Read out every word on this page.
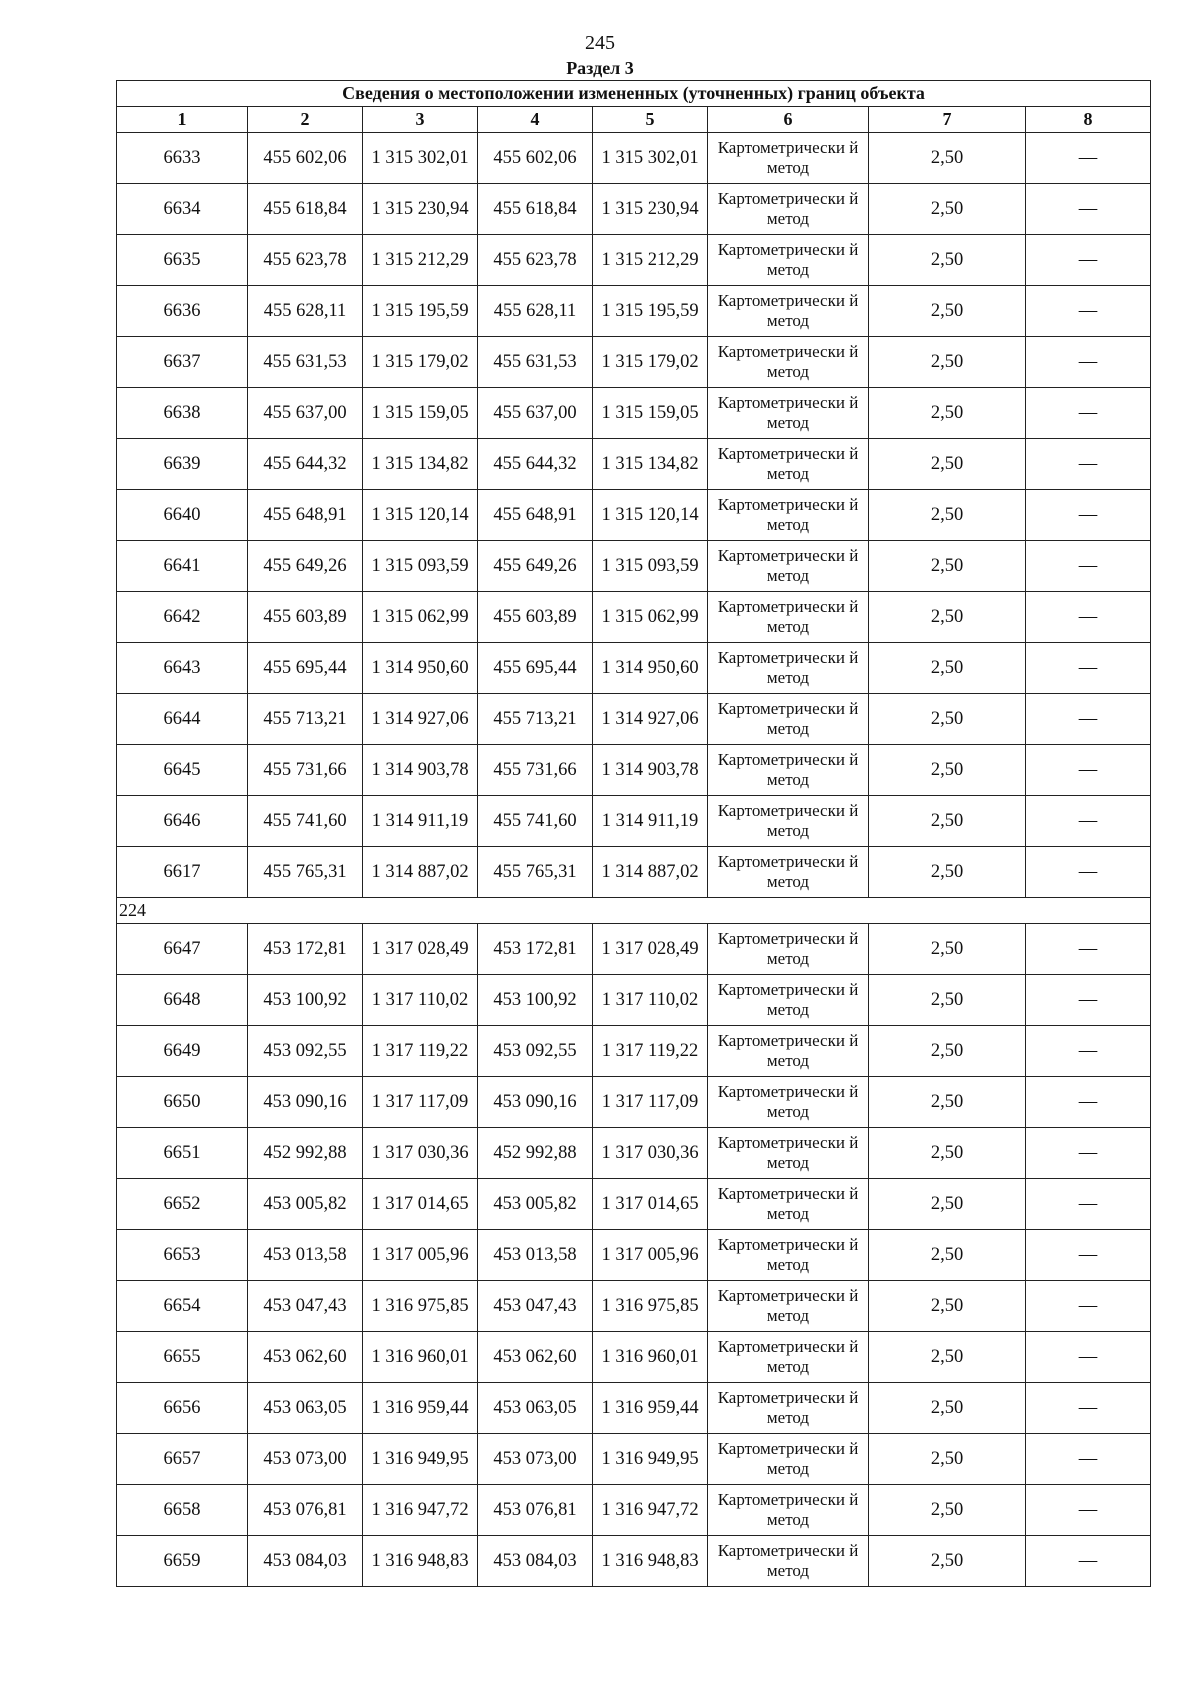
245
Раздел 3
Сведения о местоположении измененных (уточненных) границ объекта							
1	2	3	4	5	6	7	8
6633	455 602,06	1 315 302,01	455 602,06	1 315 302,01	Картометрически й метод	2,50	—
6634	455 618,84	1 315 230,94	455 618,84	1 315 230,94	Картометрически й метод	2,50	—
6635	455 623,78	1 315 212,29	455 623,78	1 315 212,29	Картометрически й метод	2,50	—
6636	455 628,11	1 315 195,59	455 628,11	1 315 195,59	Картометрически й метод	2,50	—
6637	455 631,53	1 315 179,02	455 631,53	1 315 179,02	Картометрически й метод	2,50	—
6638	455 637,00	1 315 159,05	455 637,00	1 315 159,05	Картометрически й метод	2,50	—
6639	455 644,32	1 315 134,82	455 644,32	1 315 134,82	Картометрически й метод	2,50	—
6640	455 648,91	1 315 120,14	455 648,91	1 315 120,14	Картометрически й метод	2,50	—
6641	455 649,26	1 315 093,59	455 649,26	1 315 093,59	Картометрически й метод	2,50	—
6642	455 603,89	1 315 062,99	455 603,89	1 315 062,99	Картометрически й метод	2,50	—
6643	455 695,44	1 314 950,60	455 695,44	1 314 950,60	Картометрически й метод	2,50	—
6644	455 713,21	1 314 927,06	455 713,21	1 314 927,06	Картометрически й метод	2,50	—
6645	455 731,66	1 314 903,78	455 731,66	1 314 903,78	Картометрически й метод	2,50	—
6646	455 741,60	1 314 911,19	455 741,60	1 314 911,19	Картометрически й метод	2,50	—
6617	455 765,31	1 314 887,02	455 765,31	1 314 887,02	Картометрически й метод	2,50	—
224							
6647	453 172,81	1 317 028,49	453 172,81	1 317 028,49	Картометрически й метод	2,50	—
6648	453 100,92	1 317 110,02	453 100,92	1 317 110,02	Картометрически й метод	2,50	—
6649	453 092,55	1 317 119,22	453 092,55	1 317 119,22	Картометрически й метод	2,50	—
6650	453 090,16	1 317 117,09	453 090,16	1 317 117,09	Картометрически й метод	2,50	—
6651	452 992,88	1 317 030,36	452 992,88	1 317 030,36	Картометрически й метод	2,50	—
6652	453 005,82	1 317 014,65	453 005,82	1 317 014,65	Картометрически й метод	2,50	—
6653	453 013,58	1 317 005,96	453 013,58	1 317 005,96	Картометрически й метод	2,50	—
6654	453 047,43	1 316 975,85	453 047,43	1 316 975,85	Картометрически й метод	2,50	—
6655	453 062,60	1 316 960,01	453 062,60	1 316 960,01	Картометрически й метод	2,50	—
6656	453 063,05	1 316 959,44	453 063,05	1 316 959,44	Картометрически й метод	2,50	—
6657	453 073,00	1 316 949,95	453 073,00	1 316 949,95	Картометрически й метод	2,50	—
6658	453 076,81	1 316 947,72	453 076,81	1 316 947,72	Картометрически й метод	2,50	—
6659	453 084,03	1 316 948,83	453 084,03	1 316 948,83	Картометрически й метод	2,50	—
